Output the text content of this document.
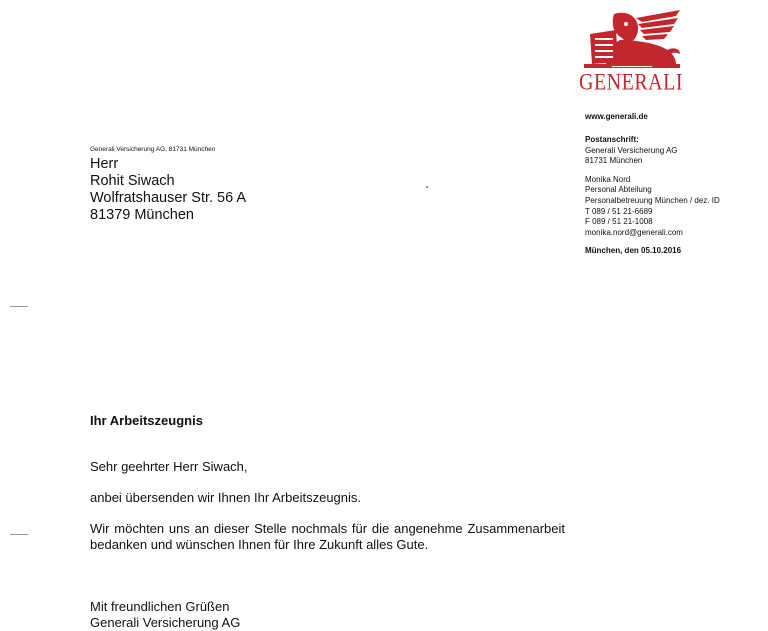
GENERALI
www.generali.de
Postanschrift:
Generali Versicherung AG
81731 München
Monika Nord
Personal Abteilung
Personalbetreuung München / dez. ID
T 089 / 51 21-6689
F 089 / 51 21-1008
monika.nord@generali.com
München, den 05.10.2016
Generali Versicherung AG, 81731 München
Herr
Rohit Siwach
Wolfratshauser Str. 56 A
81379 München
Ihr Arbeitszeugnis
Sehr geehrter Herr Siwach,
anbei übersenden wir Ihnen Ihr Arbeitszeugnis.
Wir möchten uns an dieser Stelle nochmals für die angenehme Zusammenarbeit bedanken und wünschen Ihnen für Ihre Zukunft alles Gute.
Mit freundlichen Grüßen
Generali Versicherung AG
